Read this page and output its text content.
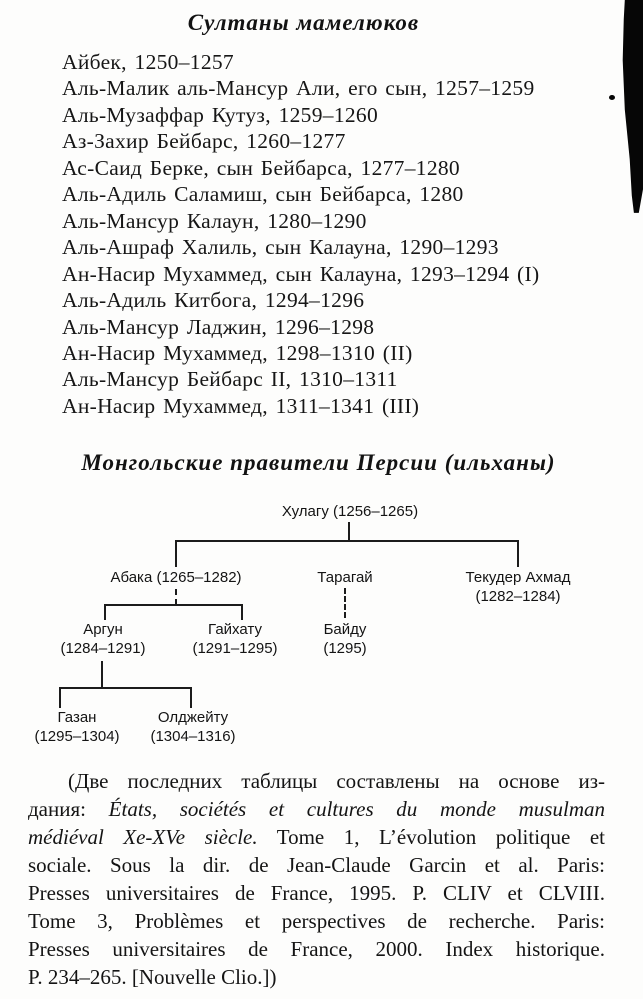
Султаны мамелюков
Айбек, 1250–1257
Аль-Малик аль-Мансур Али, его сын, 1257–1259
Аль-Музаффар Кутуз, 1259–1260
Аз-Захир Бейбарс, 1260–1277
Ас-Саид Берке, сын Бейбарса, 1277–1280
Аль-Адиль Саламиш, сын Бейбарса, 1280
Аль-Мансур Калаун, 1280–1290
Аль-Ашраф Халиль, сын Калауна, 1290–1293
Ан-Насир Мухаммед, сын Калауна, 1293–1294 (I)
Аль-Адиль Китбога, 1294–1296
Аль-Мансур Ладжин, 1296–1298
Ан-Насир Мухаммед, 1298–1310 (II)
Аль-Мансур Бейбарс II, 1310–1311
Ан-Насир Мухаммед, 1311–1341 (III)
Монгольские правители Персии (ильханы)
Хулагу (1256–1265)
Абака (1265–1282)	Тарагай	Текудер Ахмад
(1282–1284)
Аргун
(1284–1291)
Гайхату
(1291–1295)
Байду
(1295)
Газан
(1295–1304)
Олджейту
(1304–1316)
(Две последних таблицы составлены на основе из-
дания: États, sociétés et cultures du monde musulman
médiéval Xe-XVe siècle. Tome 1, L’évolution politique et
sociale. Sous la dir. de Jean-Claude Garcin et al. Paris:
Presses universitaires de France, 1995. P. CLIV et CLVIII.
Tome 3, Problèmes et perspectives de recherche. Paris:
Presses universitaires de France, 2000. Index historique.
P. 234–265. [Nouvelle Clio.])
